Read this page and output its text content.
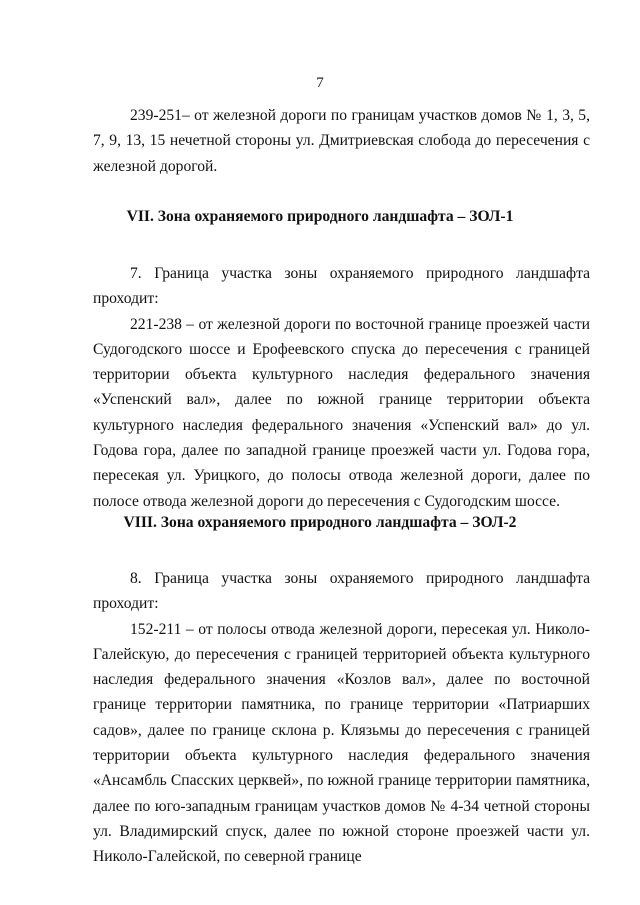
7

239-251– от железной дороги по границам участков домов № 1, 3, 5, 7, 9, 13, 15 нечетной стороны ул. Дмитриевская слобода до пересечения с железной дорогой.

VII. Зона охраняемого природного ландшафта – ЗОЛ-1

7. Граница участка зоны охраняемого природного ландшафта проходит:

221-238 – от железной дороги по восточной границе проезжей части Судогодского шоссе и Ерофеевского спуска до пересечения с границей территории объекта культурного наследия федерального значения «Успенский вал», далее по южной границе территории объекта культурного наследия федерального значения «Успенский вал» до ул. Годова гора, далее по западной границе проезжей части ул. Годова гора, пересекая ул. Урицкого, до полосы отвода железной дороги, далее по полосе отвода железной дороги до пересечения с Судогодским шоссе.

VIII. Зона охраняемого природного ландшафта – ЗОЛ-2

8. Граница участка зоны охраняемого природного ландшафта проходит:

152-211 – от полосы отвода железной дороги, пересекая ул. Николо-Галейскую, до пересечения с границей территорией объекта культурного наследия федерального значения «Козлов вал», далее по восточной границе территории памятника, по границе территории «Патриарших садов», далее по границе склона р. Клязьмы до пересечения с границей территории объекта культурного наследия федерального значения «Ансамбль Спасских церквей», по южной границе территории памятника, далее по юго-западным границам участков домов № 4-34 четной стороны ул. Владимирский спуск, далее по южной стороне проезжей части ул. Николо-Галейской, по северной границе
